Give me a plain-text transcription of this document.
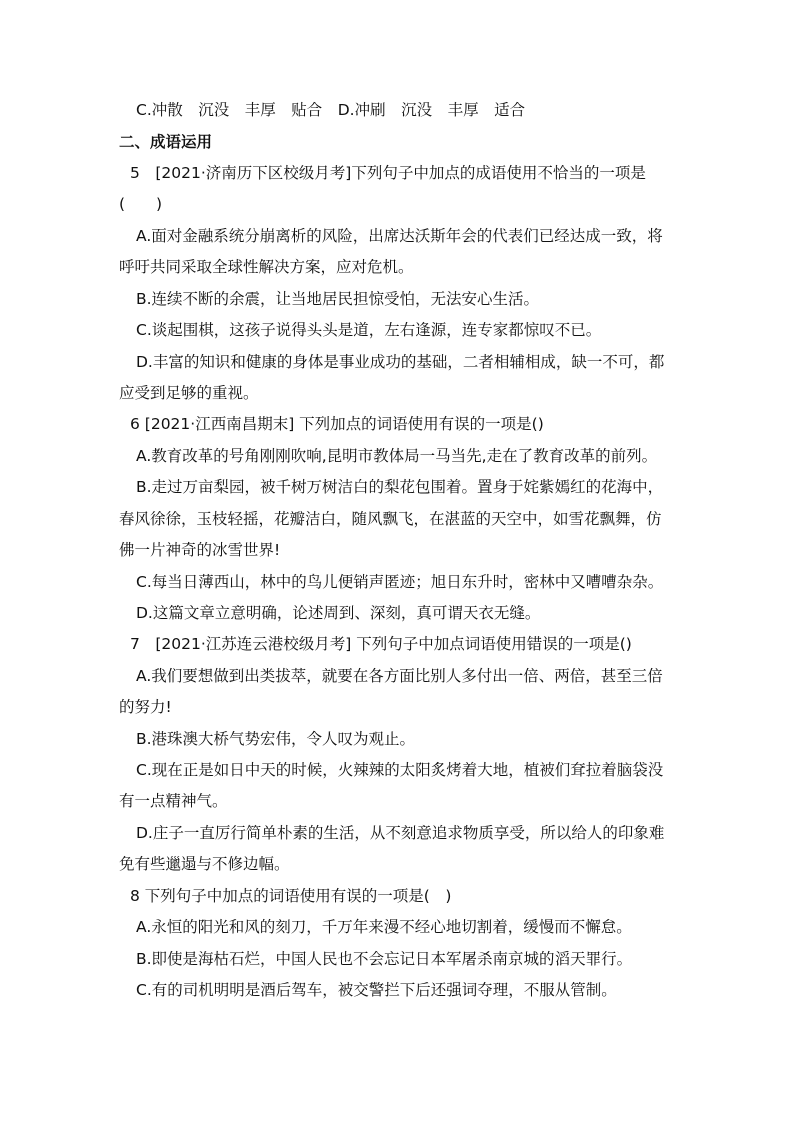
C.冲散　沉没　丰厚　贴合　D.冲刷　沉没　丰厚　适合
二、成语运用
5　[2021·济南历下区校级月考]下列句子中加点的成语使用不恰当的一项是
(　　)
A.面对金融系统分崩离析的风险，出席达沃斯年会的代表们已经达成一致，将
呼吁共同采取全球性解决方案，应对危机。
B.连续不断的余震，让当地居民担惊受怕，无法安心生活。
C.谈起围棋，这孩子说得头头是道，左右逢源，连专家都惊叹不已。
D.丰富的知识和健康的身体是事业成功的基础，二者相辅相成，缺一不可，都
应受到足够的重视。
6 [2021·江西南昌期末] 下列加点的词语使用有误的一项是()
A.教育改革的号角刚刚吹响,昆明市教体局一马当先,走在了教育改革的前列。
B.走过万亩梨园，被千树万树洁白的梨花包围着。置身于姹紫嫣红的花海中，
春风徐徐，玉枝轻摇，花瓣洁白，随风飘飞，在湛蓝的天空中，如雪花飘舞，仿
佛一片神奇的冰雪世界!
C.每当日薄西山，林中的鸟儿便销声匿迹；旭日东升时，密林中又嘈嘈杂杂。
D.这篇文章立意明确，论述周到、深刻，真可谓天衣无缝。
7　[2021·江苏连云港校级月考] 下列句子中加点词语使用错误的一项是()
A.我们要想做到出类拔萃，就要在各方面比别人多付出一倍、两倍，甚至三倍
的努力!
B.港珠澳大桥气势宏伟，令人叹为观止。
C.现在正是如日中天的时候，火辣辣的太阳炙烤着大地，植被们耷拉着脑袋没
有一点精神气。
D.庄子一直厉行简单朴素的生活，从不刻意追求物质享受，所以给人的印象难
免有些邋遢与不修边幅。
8 下列句子中加点的词语使用有误的一项是(　)
A.永恒的阳光和风的刻刀，千万年来漫不经心地切割着，缓慢而不懈怠。
B.即使是海枯石烂，中国人民也不会忘记日本军屠杀南京城的滔天罪行。
C.有的司机明明是酒后驾车，被交警拦下后还强词夺理，不服从管制。
